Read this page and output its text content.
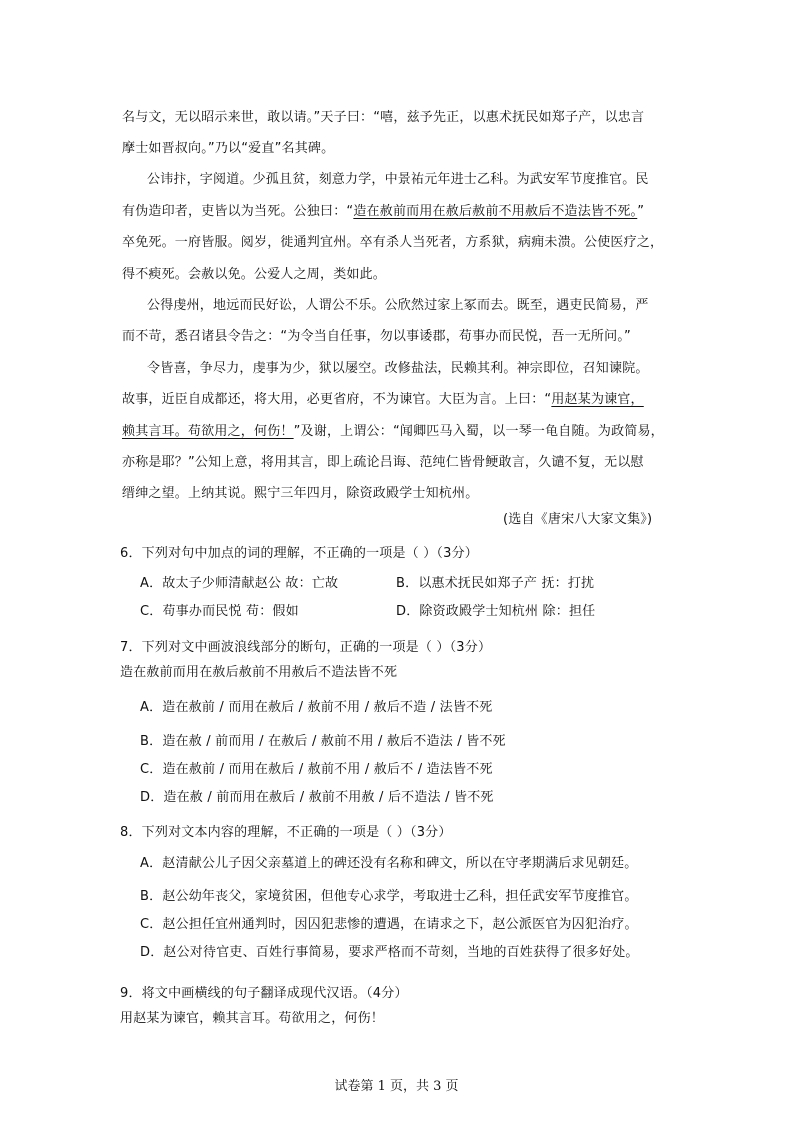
名与文，无以昭示来世，敢以请。”天子曰：“嘻，兹予先正，以惠术抚民如郑子产，以忠言
摩士如晋叔向。”乃以“爱直”名其碑。
公讳抃，字阅道。少孤且贫，刻意力学，中景祐元年进士乙科。为武安军节度推官。民
有伪造印者，吏皆以为当死。公独曰：“造在赦前而用在赦后赦前不用赦后不造法皆不死。”
卒免死。一府皆服。阅岁，徙通判宜州。卒有杀人当死者，方系狱，病痈未溃。公使医疗之，
得不瘐死。会赦以免。公爱人之周，类如此。
公得虔州，地远而民好讼，人谓公不乐。公欣然过家上冢而去。既至，遇吏民简易，严
而不苛，悉召诸县令告之：“为令当自任事，勿以事诿郡，苟事办而民悦，吾一无所问。”
令皆喜，争尽力，虔事为少，狱以屡空。改修盐法，民赖其利。神宗即位，召知谏院。
故事，近臣自成都还，将大用，必更省府，不为谏官。大臣为言。上曰：“用赵某为谏官，
赖其言耳。苟欲用之，何伤！”及谢，上谓公：“闻卿匹马入蜀，以一琴一龟自随。为政简易，
亦称是耶？”公知上意，将用其言，即上疏论吕诲、范纯仁皆骨鲠敢言，久谴不复，无以慰
缙绅之望。上纳其说。熙宁三年四月，除资政殿学士知杭州。
(选自《唐宋八大家文集》)
6．下列对句中加点的词的理解，不正确的一项是（ ）（3分）
A．故太子少师清献赵公 故：亡故	B．以惠术抚民如郑子产 抚：打扰
C．苟事办而民悦 苟：假如	D．除资政殿学士知杭州 除：担任
7．下列对文中画波浪线部分的断句，正确的一项是（ ）（3分）
造在赦前而用在赦后赦前不用赦后不造法皆不死
A．造在赦前 / 而用在赦后 / 赦前不用 / 赦后不造 / 法皆不死
B．造在赦 / 前而用 / 在赦后 / 赦前不用 / 赦后不造法 / 皆不死
C．造在赦前 / 而用在赦后 / 赦前不用 / 赦后不 / 造法皆不死
D．造在赦 / 前而用在赦后 / 赦前不用赦 / 后不造法 / 皆不死
8．下列对文本内容的理解，不正确的一项是（ ）（3分）
A．赵清献公儿子因父亲墓道上的碑还没有名称和碑文，所以在守孝期满后求见朝廷。
B．赵公幼年丧父，家境贫困，但他专心求学，考取进士乙科，担任武安军节度推官。
C．赵公担任宜州通判时，因囚犯悲惨的遭遇，在请求之下，赵公派医官为囚犯治疗。
D．赵公对待官吏、百姓行事简易，要求严格而不苛刻，当地的百姓获得了很多好处。
9．将文中画横线的句子翻译成现代汉语。（4分）
用赵某为谏官，赖其言耳。苟欲用之，何伤！
试卷第 1 页，共 3 页
